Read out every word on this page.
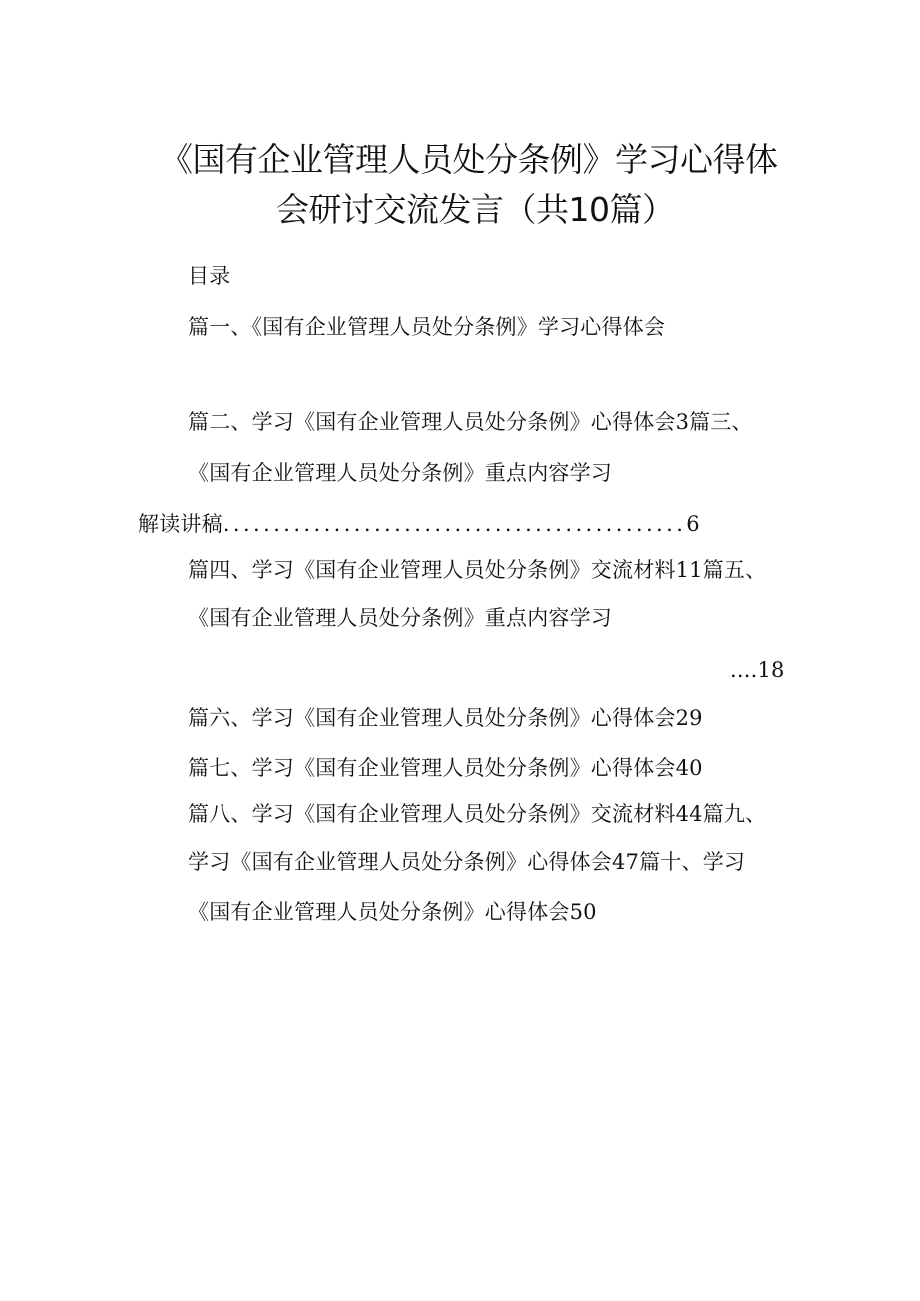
《国有企业管理人员处分条例》学习心得体
会研讨交流发言（共10篇）
目录
篇一、《国有企业管理人员处分条例》学习心得体会
篇二、学习《国有企业管理人员处分条例》心得体会3篇三、
《国有企业管理人员处分条例》重点内容学习
解读讲稿..............................................6
篇四、学习《国有企业管理人员处分条例》交流材料11篇五、
《国有企业管理人员处分条例》重点内容学习
....18
篇六、学习《国有企业管理人员处分条例》心得体会29
篇七、学习《国有企业管理人员处分条例》心得体会40
篇八、学习《国有企业管理人员处分条例》交流材料44篇九、
学习《国有企业管理人员处分条例》心得体会47篇十、学习
《国有企业管理人员处分条例》心得体会50
